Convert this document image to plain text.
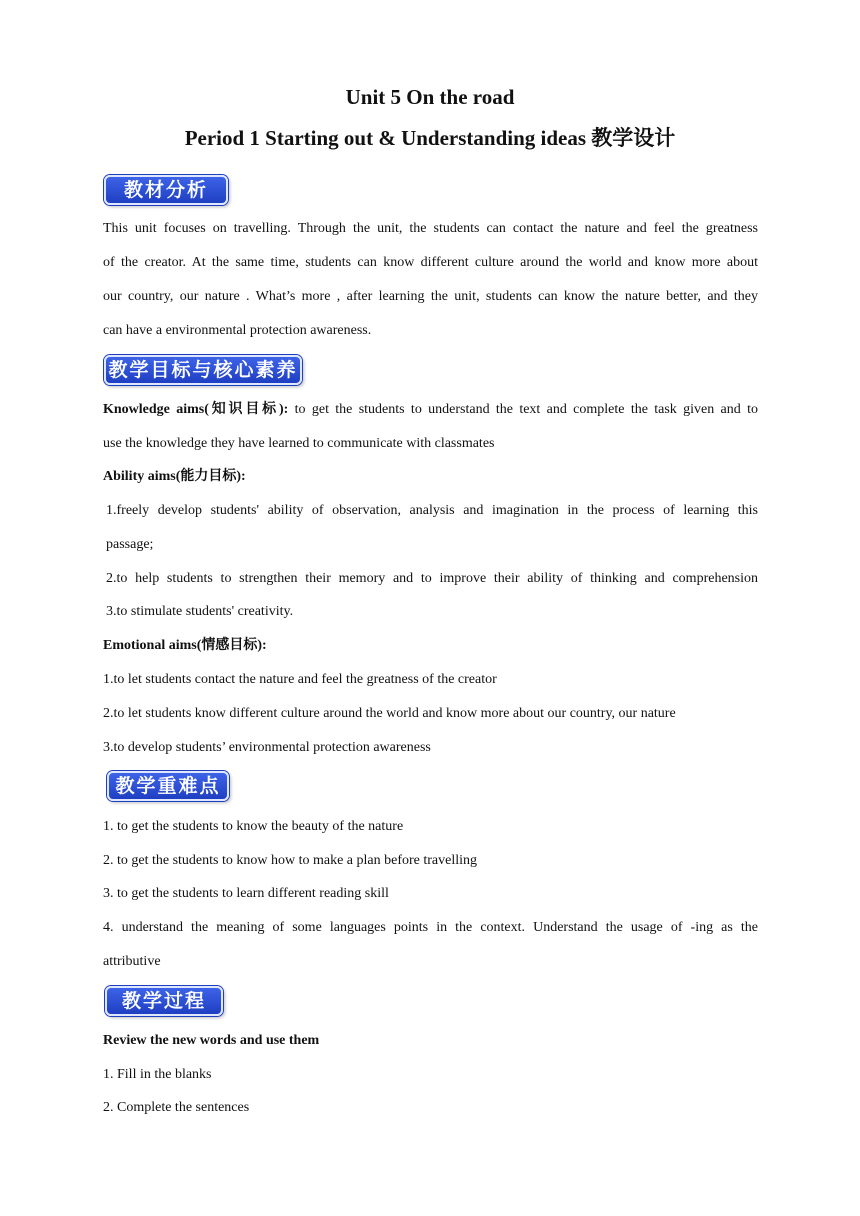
Unit 5 On the road
Period 1 Starting out & Understanding ideas 教学设计
教材分析

This unit focuses on travelling. Through the unit, the students can contact the nature and feel the greatness

of the creator. At the same time, students can know different culture around the world and know more about

our country, our nature . What’s more , after learning the unit, students can know the nature better, and they

can have a environmental protection awareness.

教学目标与核心素养

Knowledge aims(知识目标): to get the students to understand the text and complete the task given and to

use the knowledge they have learned to communicate with classmates

Ability aims(能力目标):

1.freely develop students' ability of observation, analysis and imagination in the process of learning this

passage;

2.to help students to strengthen their memory and to improve their ability of thinking and comprehension

3.to stimulate students' creativity.

Emotional aims(情感目标):

1.to let students contact the nature and feel the greatness of the creator

2.to let students know different culture around the world and know more about our country, our nature

3.to develop students’ environmental protection awareness

教学重难点

1. to get the students to know the beauty of the nature

2. to get the students to know how to make a plan before travelling

3. to get the students to learn different reading skill

4. understand the meaning of some languages points in the context. Understand the usage of -ing as the

attributive

教学过程

Review the new words and use them

1. Fill in the blanks

2. Complete the sentences
